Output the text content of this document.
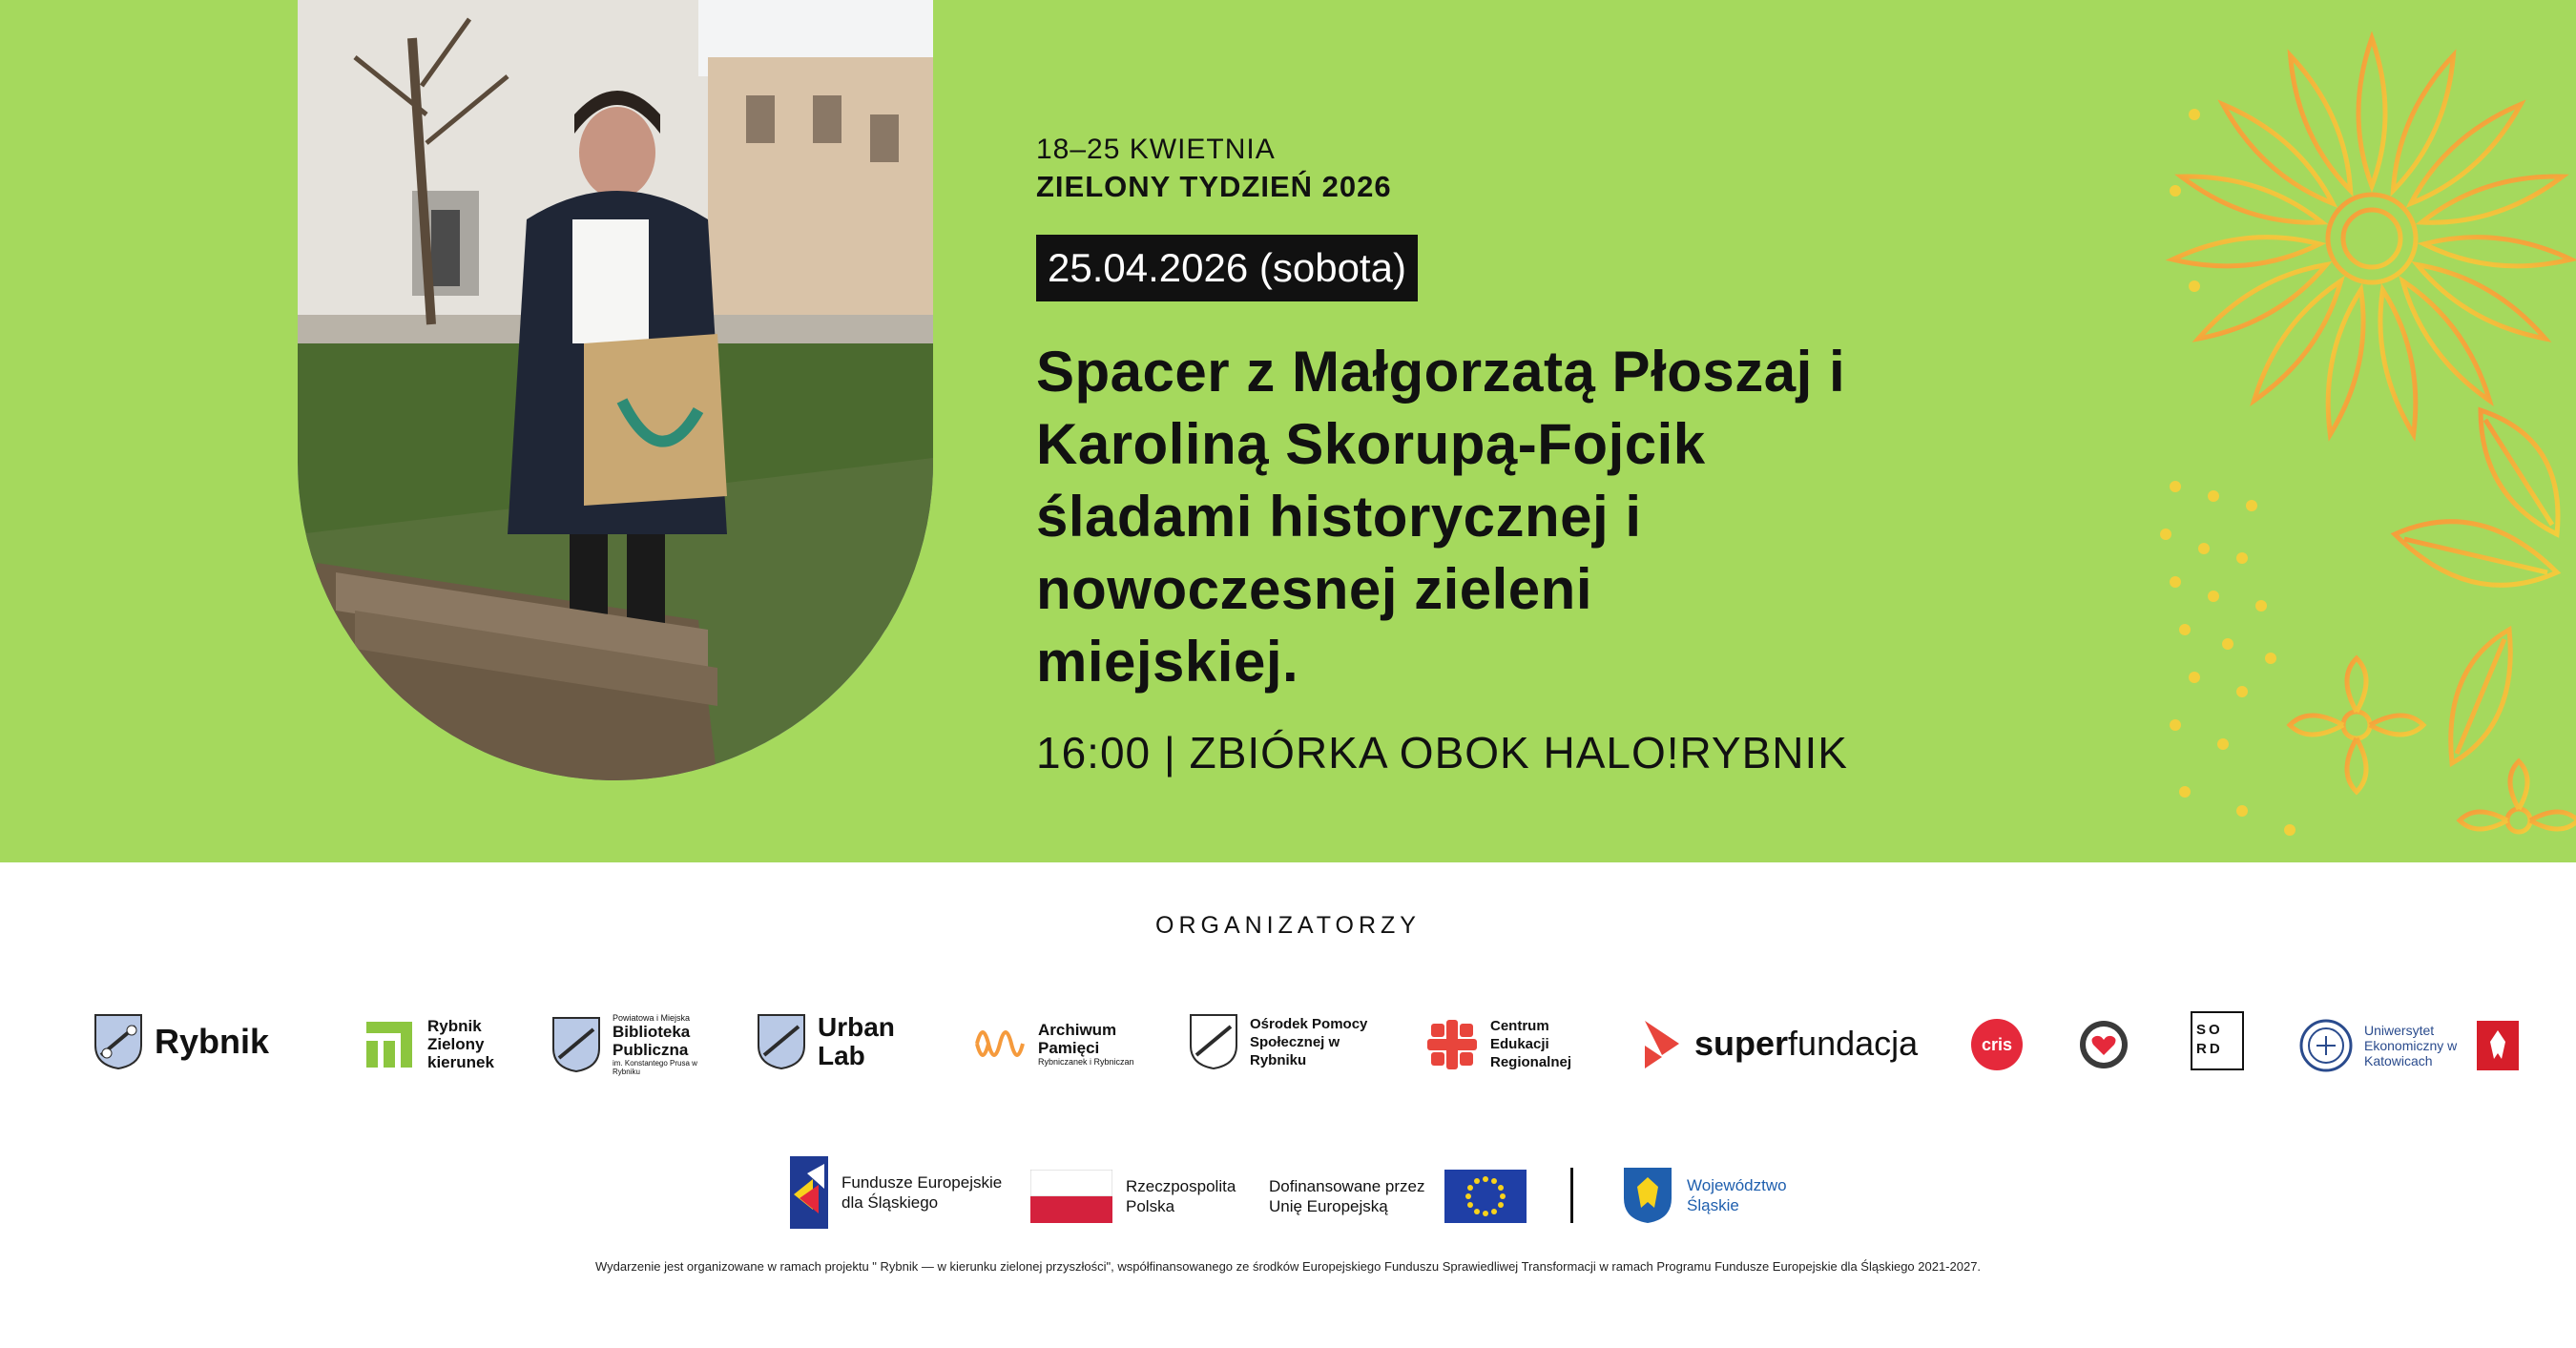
18–25 KWIETNIA
ZIELONY TYDZIEŃ 2026
25.04.2026 (sobota)
Spacer z Małgorzatą Płoszaj i
Karoliną Skorupą-Fojcik
śladami historycznej i
nowoczesnej zieleni
miejskiej.
16:00 | ZBIÓRKA OBOK HALO!RYBNIK
ORGANIZATORZY
Rybnik	Rybnik Zielony kierunek
Powiatowa i Miejska
Biblioteka Publiczna
im. Konstantego Prusa w Rybniku
Urban Lab
Archiwum Pamięci
Rybniczanek i Rybniczan
Ośrodek Pomocy Społecznej w Rybniku
Centrum Edukacji Regionalnej	superfundacja	cris
SO RD
Uniwersytet Ekonomiczny w Katowicach
Fundusze Europejskie dla Śląskiego
Rzeczpospolita Polska
Dofinansowane przez Unię Europejską
Województwo Śląskie
Wydarzenie jest organizowane w ramach projektu " Rybnik — w kierunku zielonej przyszłości", współfinansowanego ze środków Europejskiego Funduszu Sprawiedliwej Transformacji w ramach Programu Fundusze Europejskie dla Śląskiego 2021-2027.
